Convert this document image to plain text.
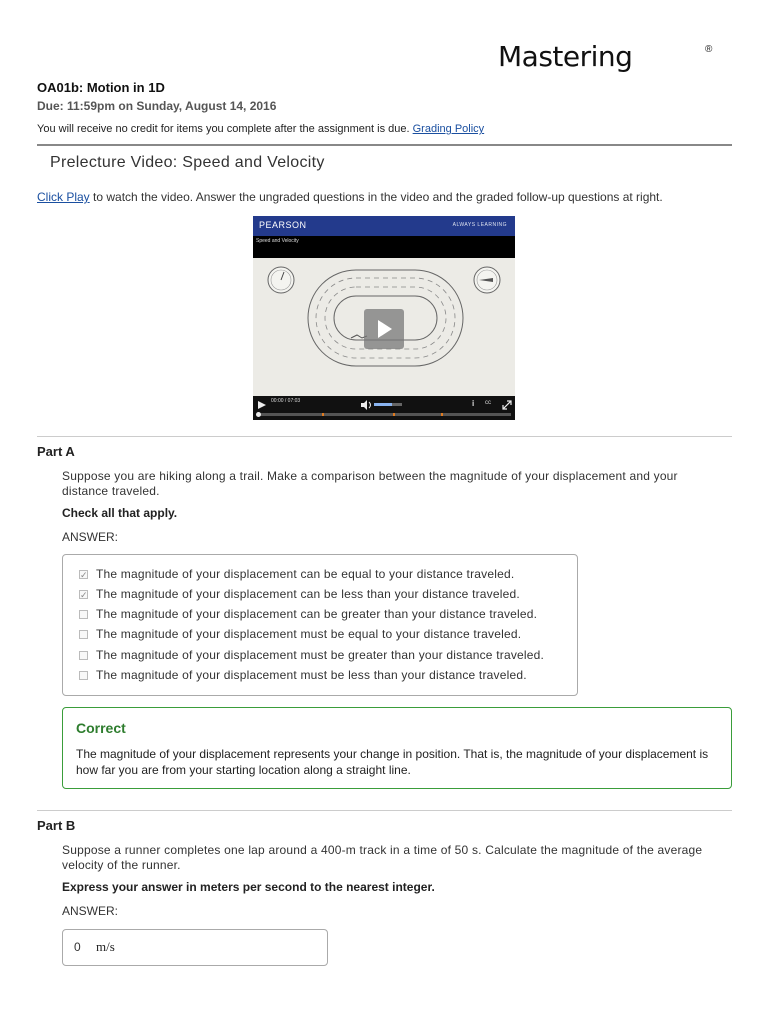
Mastering	®
OA01b: Motion in 1D
Due: 11:59pm on Sunday, August 14, 2016
You will receive no credit for items you complete after the assignment is due. Grading Policy
Prelecture Video: Speed and Velocity
Click Play to watch the video. Answer the ungraded questions in the video and the graded follow-up questions at right.
PEARSON	ALWAYS LEARNING
Speed and Velocity
00:00 / 07:03	i cc
Part A
Suppose you are hiking along a trail. Make a comparison between the magnitude of your displacement and your distance traveled.
Check all that apply.
ANSWER:
✓ The magnitude of your displacement can be equal to your distance traveled.
✓ The magnitude of your displacement can be less than your distance traveled.
The magnitude of your displacement can be greater than your distance traveled.
The magnitude of your displacement must be equal to your distance traveled.
The magnitude of your displacement must be greater than your distance traveled.
The magnitude of your displacement must be less than your distance traveled.
Correct
The magnitude of your displacement represents your change in position. That is, the magnitude of your displacement is how far you are from your starting location along a straight line.
Part B
Suppose a runner completes one lap around a 400-m track in a time of 50 s. Calculate the magnitude of the average velocity of the runner.
Express your answer in meters per second to the nearest integer.
ANSWER:
0 m/s
